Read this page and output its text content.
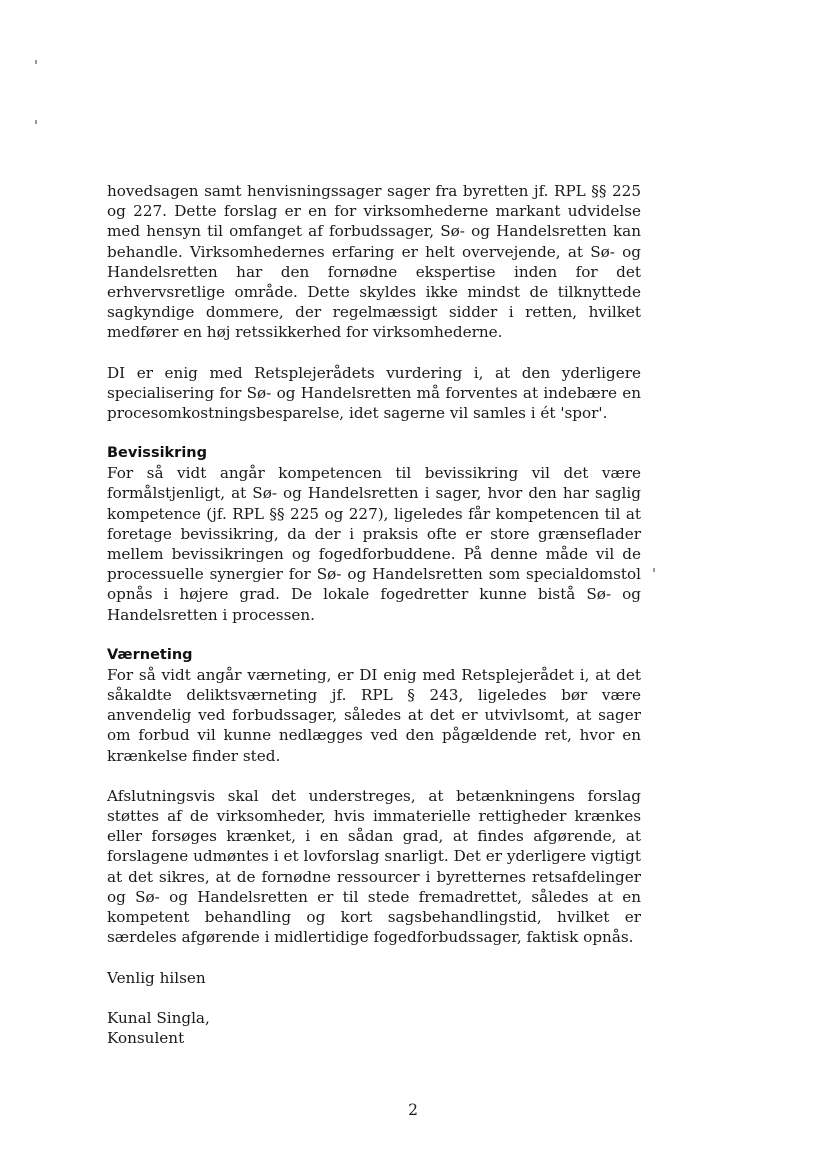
hovedsagen samt henvisningssager sager fra byretten jf. RPL §§ 225 og 227. Dette forslag er en for virksomhederne markant udvidelse med hensyn til omfanget af forbudssager, Sø- og Handelsretten kan behandle. Virksomhedernes erfaring er helt overvejende, at Sø- og Handelsretten har den fornødne ekspertise inden for det erhvervsretlige område. Dette skyldes ikke mindst de tilknyttede sagkyndige dommere, der regelmæssigt sidder i retten, hvilket medfører en høj retssikkerhed for virksomhederne.

DI er enig med Retsplejerådets vurdering i, at den yderligere specialisering for Sø- og Handelsretten må forventes at indebære en procesomkostningsbesparelse, idet sagerne vil samles i ét 'spor'.

Bevissikring

For så vidt angår kompetencen til bevissikring vil det være formålstjenligt, at Sø- og Handelsretten i sager, hvor den har saglig kompetence (jf. RPL §§ 225 og 227), ligeledes får kompetencen til at foretage bevissikring, da der i praksis ofte er store grænseflader mellem bevissikringen og fogedforbuddene. På denne måde vil de processuelle synergier for Sø- og Handelsretten som specialdomstol opnås i højere grad. De lokale fogedretter kunne bistå Sø- og Handelsretten i processen.

Værneting

For så vidt angår værneting, er DI enig med Retsplejerådet i, at det såkaldte deliktsværneting jf. RPL § 243, ligeledes bør være anvendelig ved forbudssager, således at det er utvivlsomt, at sager om forbud vil kunne nedlægges ved den pågældende ret, hvor en krænkelse finder sted.

Afslutningsvis skal det understreges, at betænkningens forslag støttes af de virksomheder, hvis immaterielle rettigheder krænkes eller forsøges krænket, i en sådan grad, at findes afgørende, at forslagene udmøntes i et lovforslag snarligt. Det er yderligere vigtigt at det sikres, at de fornødne ressourcer i byretternes retsafdelinger og Sø- og Handelsretten er til stede fremadrettet, således at en kompetent behandling og kort sagsbehandlingstid, hvilket er særdeles afgørende i midlertidige fogedforbudssager, faktisk opnås.

Venlig hilsen

Kunal Singla,

Konsulent

2
